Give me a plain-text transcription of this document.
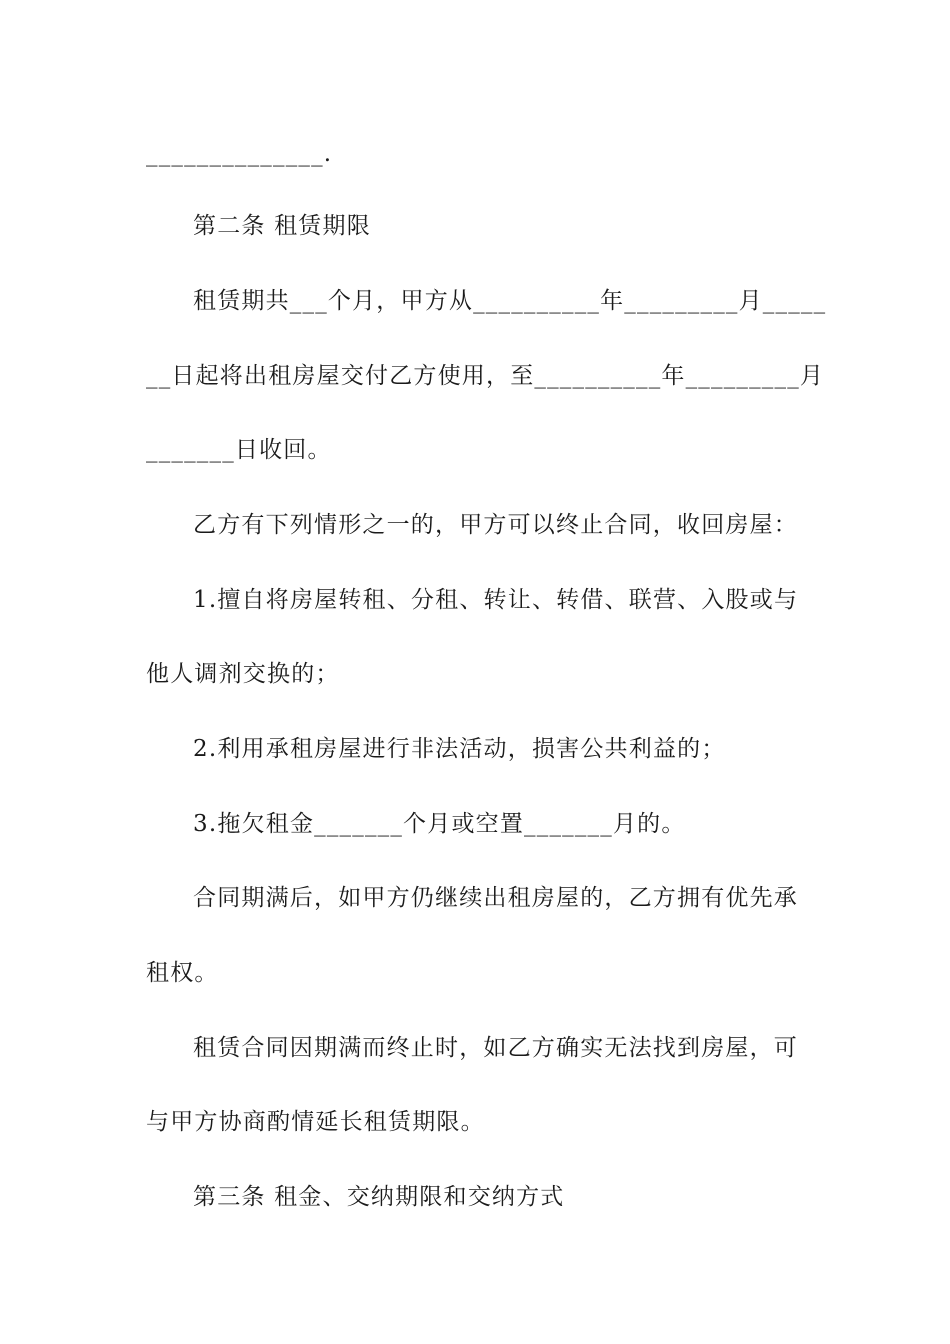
______________.
第二条 租赁期限
租赁期共___个月，甲方从__________年_________月_____
__日起将出租房屋交付乙方使用，至__________年_________月
_______日收回。
乙方有下列情形之一的，甲方可以终止合同，收回房屋：
1.擅自将房屋转租、分租、转让、转借、联营、入股或与
他人调剂交换的；
2.利用承租房屋进行非法活动，损害公共利益的；
3.拖欠租金_______个月或空置_______月的。
合同期满后，如甲方仍继续出租房屋的，乙方拥有优先承
租权。
租赁合同因期满而终止时，如乙方确实无法找到房屋，可
与甲方协商酌情延长租赁期限。
第三条 租金、交纳期限和交纳方式
